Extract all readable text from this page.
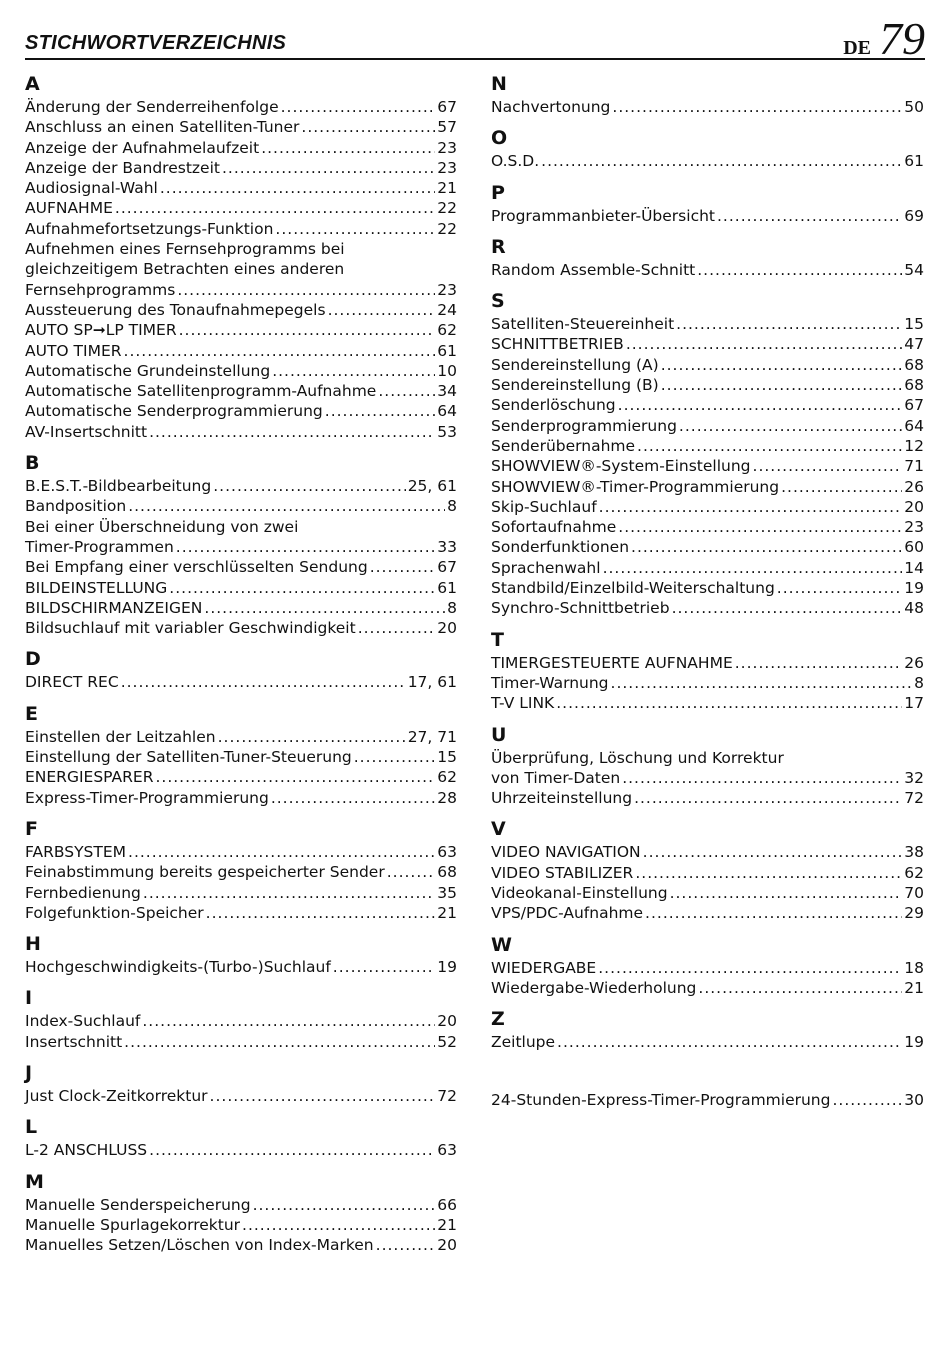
STICHWORTVERZEICHNIS	DE 79
A
Änderung der Senderreihenfolge .....	67
Anschluss an einen Satelliten-Tuner .....	57
Anzeige der Aufnahmelaufzeit .....	23
Anzeige der Bandrestzeit .....	23
Audiosignal-Wahl .....	21
AUFNAHME .....	22
Aufnahmefortsetzungs-Funktion .....	22
Aufnehmen eines Fernsehprogramms bei
gleichzeitigem Betrachten eines anderen
Fernsehprogramms .....	23
Aussteuerung des Tonaufnahmepegels .....	24
AUTO SP➞LP TIMER .....	62
AUTO TIMER .....	61
Automatische Grundeinstellung .....	10
Automatische Satellitenprogramm-Aufnahme .....	34
Automatische Senderprogrammierung .....	64
AV-Insertschnitt .....	53
B
B.E.S.T.-Bildbearbeitung .....	25, 61
Bandposition .....	8
Bei einer Überschneidung von zwei
Timer-Programmen .....	33
Bei Empfang einer verschlüsselten Sendung .....	67
BILDEINSTELLUNG .....	61
BILDSCHIRMANZEIGEN .....	8
Bildsuchlauf mit variabler Geschwindigkeit .....	20
D
DIRECT REC .....	17, 61
E
Einstellen der Leitzahlen .....	27, 71
Einstellung der Satelliten-Tuner-Steuerung .....	15
ENERGIESPARER .....	62
Express-Timer-Programmierung .....	28
F
FARBSYSTEM .....	63
Feinabstimmung bereits gespeicherter Sender .....	68
Fernbedienung .....	35
Folgefunktion-Speicher .....	21
H
Hochgeschwindigkeits-(Turbo-)Suchlauf .....	19
I
Index-Suchlauf .....	20
Insertschnitt .....	52
J
Just Clock-Zeitkorrektur .....	72
L
L-2 ANSCHLUSS .....	63
M
Manuelle Senderspeicherung .....	66
Manuelle Spurlagekorrektur .....	21
Manuelles Setzen/Löschen von Index-Marken .....	20
N
Nachvertonung .....	50
O
O.S.D. .....	61
P
Programmanbieter-Übersicht .....	69
R
Random Assemble-Schnitt .....	54
S
Satelliten-Steuereinheit .....	15
SCHNITTBETRIEB .....	47
Sendereinstellung (A) .....	68
Sendereinstellung (B) .....	68
Senderlöschung .....	67
Senderprogrammierung .....	64
Senderübernahme .....	12
SHOWVIEW®-System-Einstellung .....	71
SHOWVIEW®-Timer-Programmierung .....	26
Skip-Suchlauf .....	20
Sofortaufnahme .....	23
Sonderfunktionen .....	60
Sprachenwahl .....	14
Standbild/Einzelbild-Weiterschaltung .....	19
Synchro-Schnittbetrieb .....	48
T
TIMERGESTEUERTE AUFNAHME .....	26
Timer-Warnung .....	8
T-V LINK .....	17
U
Überprüfung, Löschung und Korrektur
von Timer-Daten .....	32
Uhrzeiteinstellung .....	72
V
VIDEO NAVIGATION .....	38
VIDEO STABILIZER .....	62
Videokanal-Einstellung .....	70
VPS/PDC-Aufnahme .....	29
W
WIEDERGABE .....	18
Wiedergabe-Wiederholung .....	21
Z
Zeitlupe .....	19
24-Stunden-Express-Timer-Programmierung .....	30
